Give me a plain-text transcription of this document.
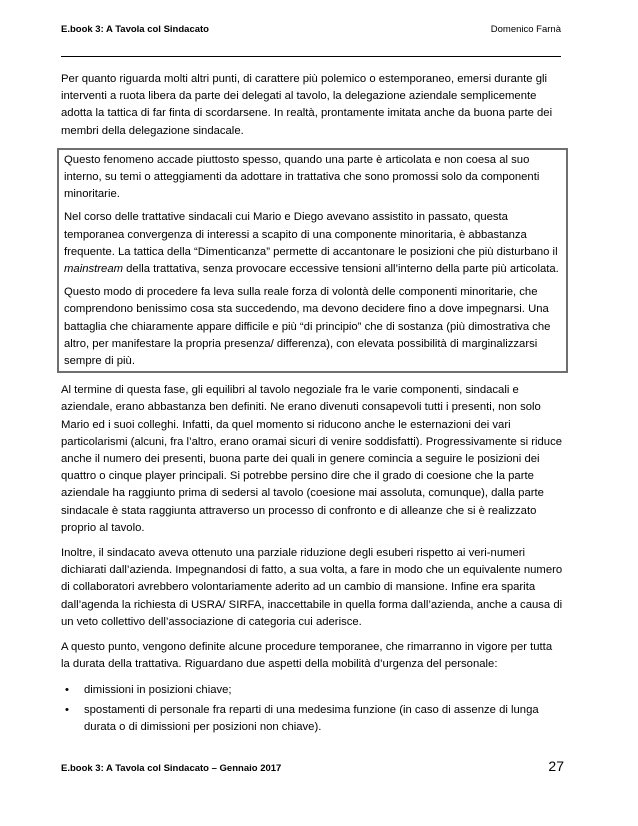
E.book 3: A Tavola col Sindacato	Domenico Farnà

Per quanto riguarda molti altri punti, di carattere più polemico o estemporaneo, emersi durante gli interventi a ruota libera da parte dei delegati al tavolo, la delegazione aziendale semplicemente adotta la tattica di far finta di scordarsene. In realtà, prontamente imitata anche da buona parte dei membri della delegazione sindacale.

Questo fenomeno accade piuttosto spesso, quando una parte è articolata e non coesa al suo interno, su temi o atteggiamenti da adottare in trattativa che sono promossi solo da componenti minoritarie.

Nel corso delle trattative sindacali cui Mario e Diego avevano assistito in passato, questa temporanea convergenza di interessi a scapito di una componente minoritaria, è abbastanza frequente. La tattica della “Dimenticanza” permette di accantonare le posizioni che più disturbano il mainstream della trattativa, senza provocare eccessive tensioni all’interno della parte più articolata.

Questo modo di procedere fa leva sulla reale forza di volontà delle componenti minoritarie, che comprendono benissimo cosa sta succedendo, ma devono decidere fino a dove impegnarsi. Una battaglia che chiaramente appare difficile e più “di principio” che di sostanza (più dimostrativa che altro, per manifestare la propria presenza/ differenza), con elevata possibilità di marginalizzarsi sempre di più.

Al termine di questa fase, gli equilibri al tavolo negoziale fra le varie componenti, sindacali e aziendale, erano abbastanza ben definiti. Ne erano divenuti consapevoli tutti i presenti, non solo Mario ed i suoi colleghi. Infatti, da quel momento si riducono anche le esternazioni dei vari particolarismi (alcuni, fra l’altro, erano oramai sicuri di venire soddisfatti). Progressivamente si riduce anche il numero dei presenti, buona parte dei quali in genere comincia a seguire le posizioni dei quattro o cinque player principali. Si potrebbe persino dire che il grado di coesione che la parte aziendale ha raggiunto prima di sedersi al tavolo (coesione mai assoluta, comunque), dalla parte sindacale è stata raggiunta attraverso un processo di confronto e di alleanze che si è realizzato proprio al tavolo.

Inoltre, il sindacato aveva ottenuto una parziale riduzione degli esuberi rispetto ai veri-numeri dichiarati dall’azienda. Impegnandosi di fatto, a sua volta, a fare in modo che un equivalente numero di collaboratori avrebbero volontariamente aderito ad un cambio di mansione. Infine era sparita dall’agenda la richiesta di USRA/ SIRFA, inaccettabile in quella forma dall’azienda, anche a causa di un veto collettivo dell’associazione di categoria cui aderisce.

A questo punto, vengono definite alcune procedure temporanee, che rimarranno in vigore per tutta la durata della trattativa. Riguardano due aspetti della mobilità d’urgenza del personale:

• dimissioni in posizioni chiave;
• spostamenti di personale fra reparti di una medesima funzione (in caso di assenze di lunga durata o di dimissioni per posizioni non chiave).
E.book 3: A Tavola col Sindacato – Gennaio 2017	27
